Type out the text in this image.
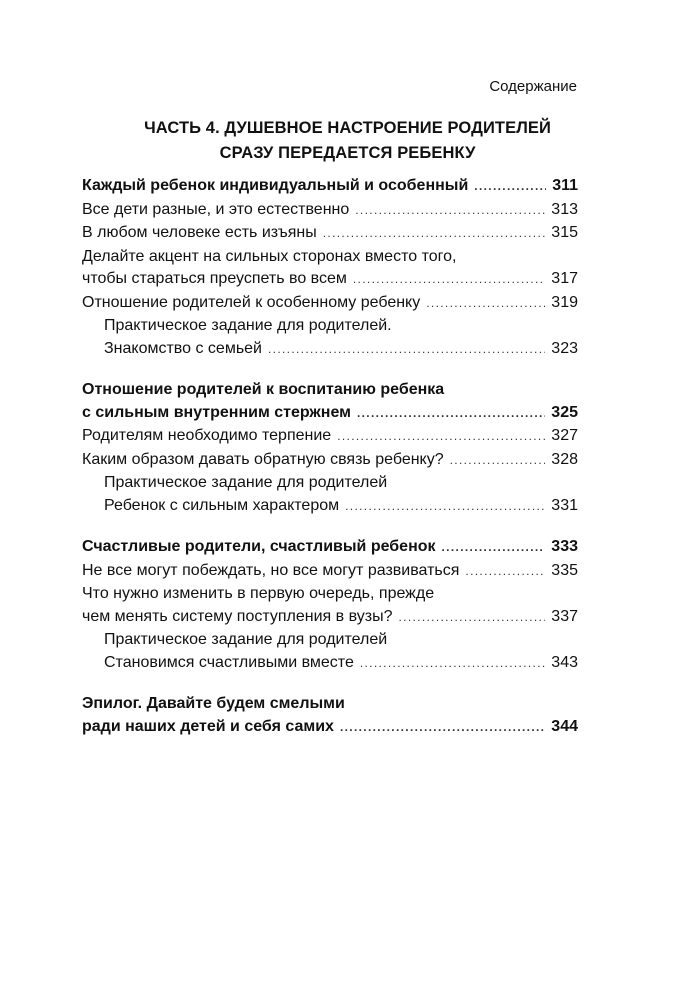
Содержание
ЧАСТЬ 4. ДУШЕВНОЕ НАСТРОЕНИЕ РОДИТЕЛЕЙ
СРАЗУ ПЕРЕДАЕТСЯ РЕБЕНКУ
Каждый ребенок индивидуальный и особенный . . .	311
Все дети разные, и это естественно . . .	313
В любом человеке есть изъяны . . .	315
Делайте акцент на сильных сторонах вместо того,
чтобы стараться преуспеть во всем . . .	317
Отношение родителей к особенному ребенку . . .	319
Практическое задание для родителей.
Знакомство с семьей . . .	323
Отношение родителей к воспитанию ребенка
с сильным внутренним стержнем . . .	325
Родителям необходимо терпение . . .	327
Каким образом давать обратную связь ребенку? . . .	328
Практическое задание для родителей
Ребенок с сильным характером . . .	331
Счастливые родители, счастливый ребенок . . .	333
Не все могут побеждать, но все могут развиваться . . .	335
Что нужно изменить в первую очередь, прежде
чем менять систему поступления в вузы? . . .	337
Практическое задание для родителей
Становимся счастливыми вместе . . .	343
Эпилог. Давайте будем смелыми
ради наших детей и себя самих . . .	344
